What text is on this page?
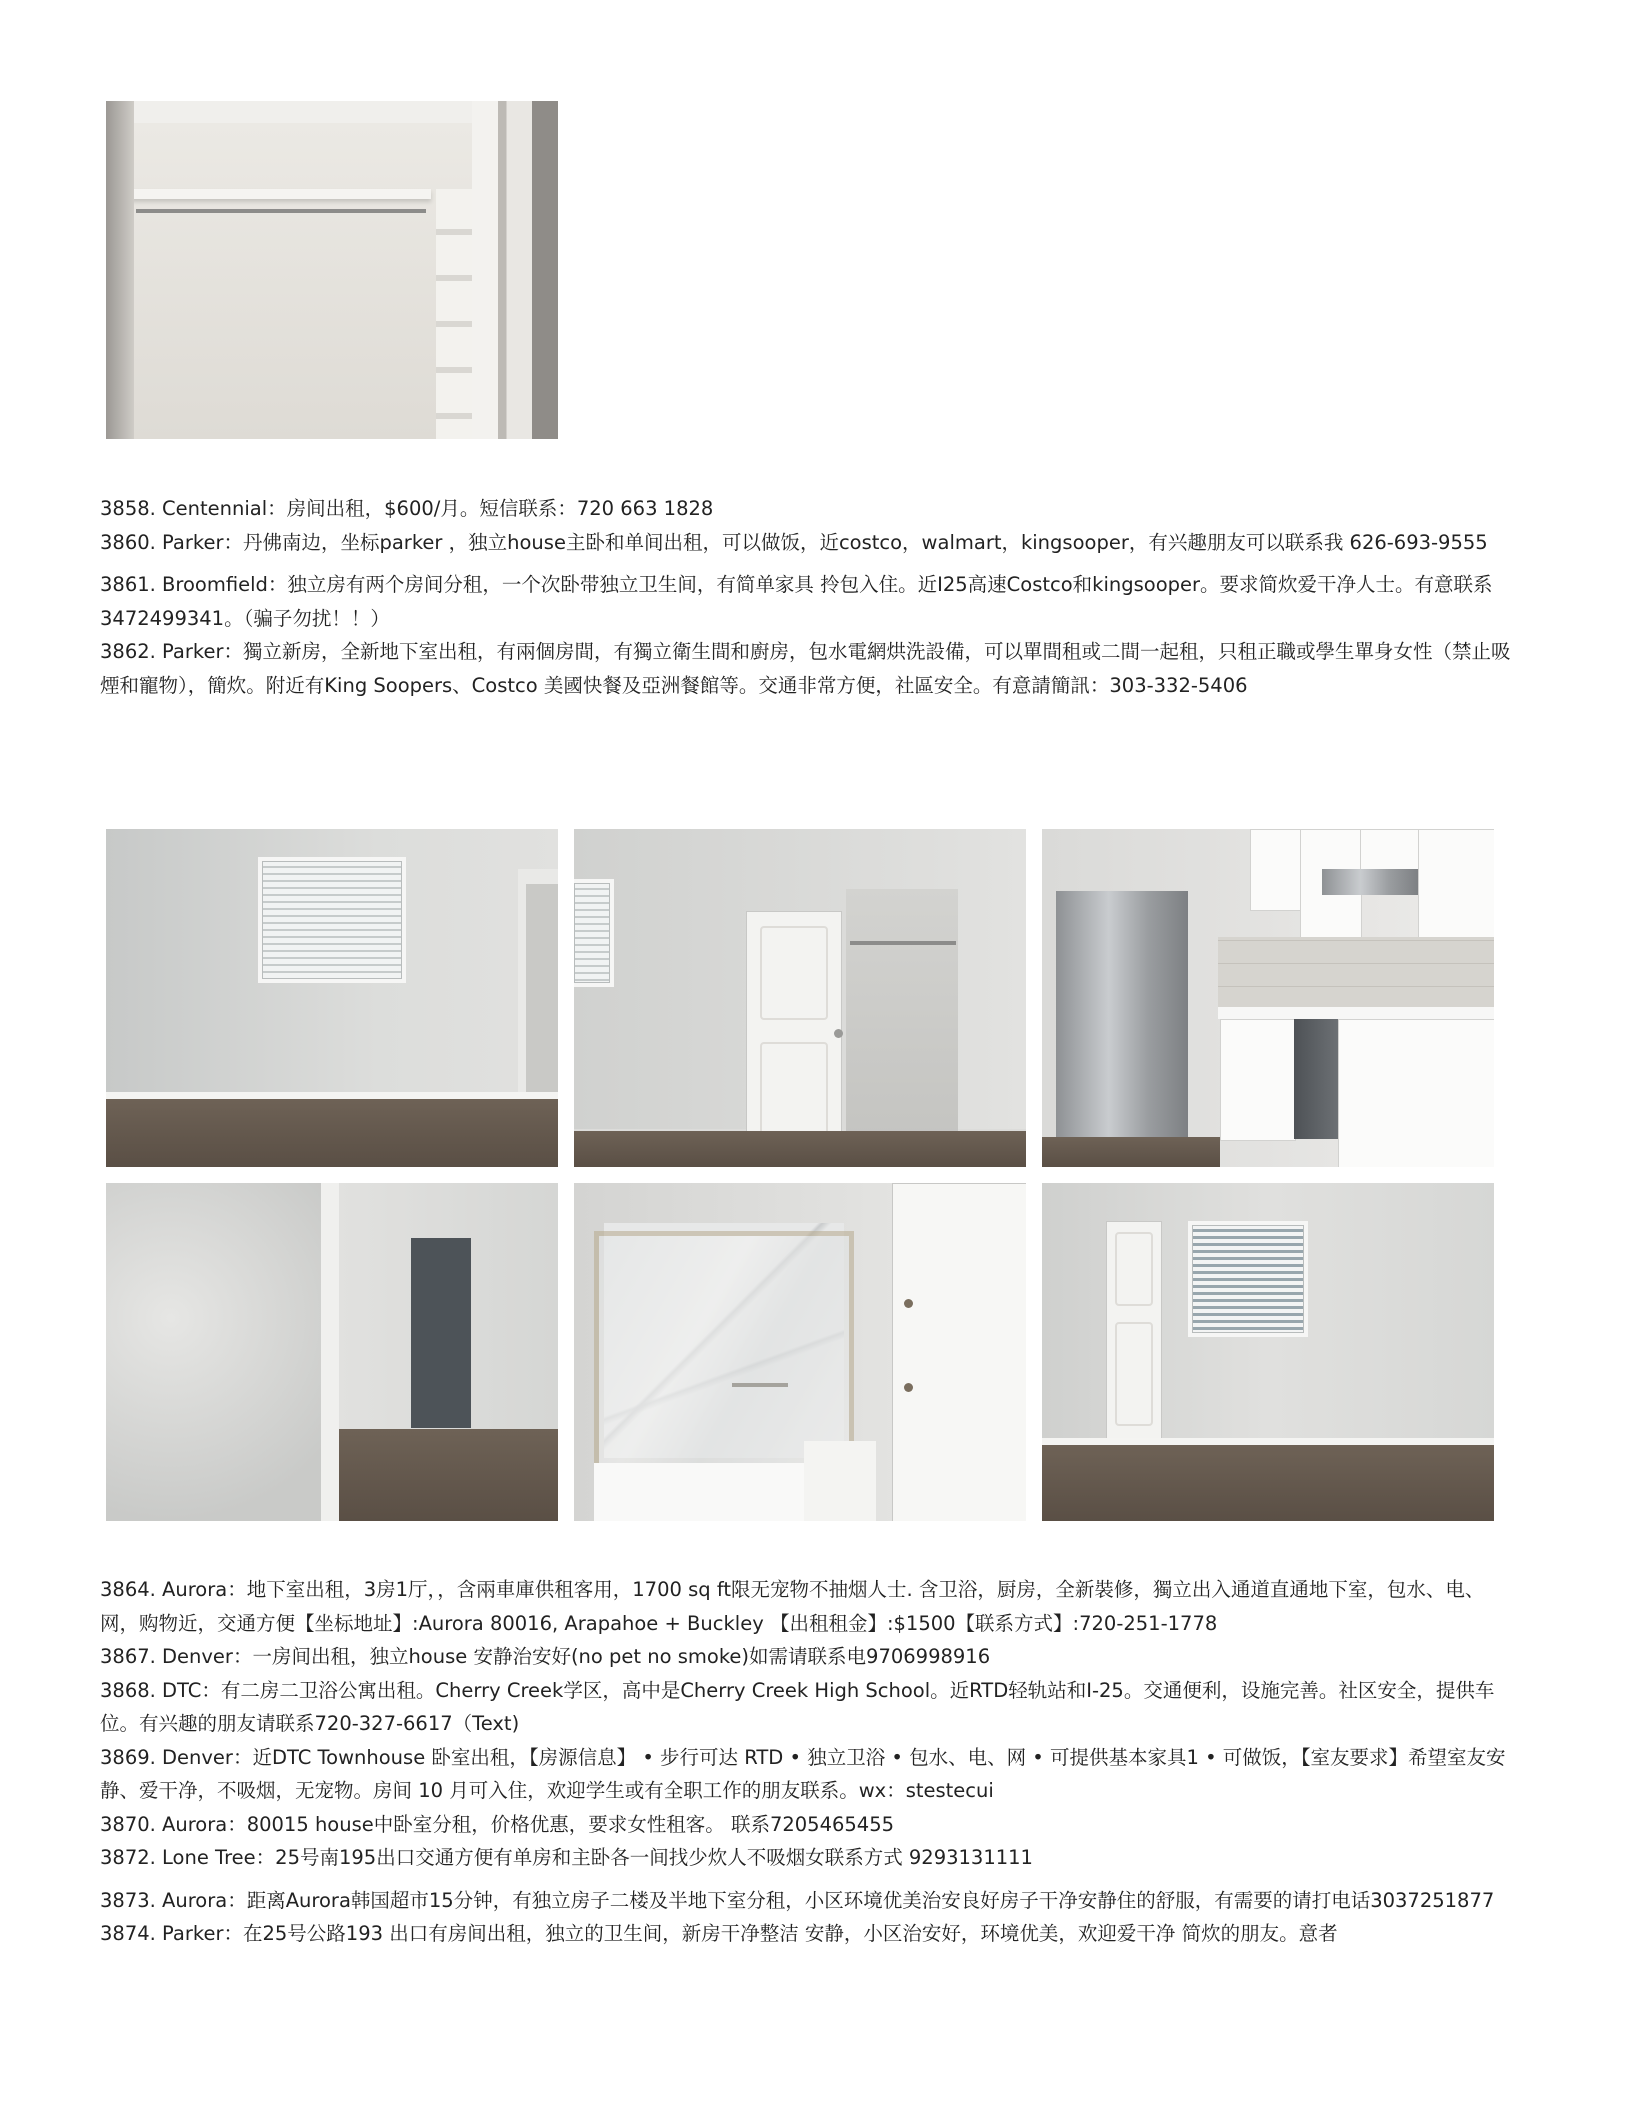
3858. Centennial：房间出租，$600/月。短信联系：720 663 1828

3860. Parker：丹佛南边，坐标parker ，独立house主卧和单间出租，可以做饭，近costco，walmart，kingsooper，有兴趣朋友可以联系我 626-693-9555

3861. Broomfield：独立房有两个房间分租，一个次卧带独立卫生间，有简单家具 拎包入住。近I25高速Costco和kingsooper。要求简炊爱干净人士。有意联系3472499341。（骗子勿扰！！）

3862. Parker：獨立新房，全新地下室出租，有兩個房間，有獨立衛生間和廚房，包水電網烘洗設備，可以單間租或二間一起租，只租正職或學生單身女性（禁止吸煙和寵物），簡炊。附近有King Soopers、Costco 美國快餐及亞洲餐館等。交通非常方便，社區安全。有意請簡訊：303-332-5406

3864. Aurora：地下室出租，3房1厅，，含兩車庫供租客用，1700 sq ft限无宠物不抽烟人士. 含卫浴，厨房，全新裝修，獨立出入通道直通地下室，包水、电、网，购物近，交通方便【坐标地址】:Aurora 80016, Arapahoe + Buckley 【出租租金】:$1500【联系方式】:720-251-1778

3867. Denver：一房间出租，独立house 安静治安好(no pet no smoke)如需请联系电9706998916

3868. DTC：有二房二卫浴公寓出租。Cherry Creek学区，高中是Cherry Creek High School。近RTD轻轨站和I-25。交通便利，设施完善。社区安全，提供车位。有兴趣的朋友请联系720-327-6617（Text)

3869. Denver：近DTC Townhouse 卧室出租，【房源信息】 • 步行可达 RTD • 独立卫浴 • 包水、电、网 • 可提供基本家具1 • 可做饭，【室友要求】希望室友安静、爱干净，不吸烟，无宠物。房间 10 月可入住，欢迎学生或有全职工作的朋友联系。wx：stestecui

3870. Aurora：80015 house中卧室分租，价格优惠，要求女性租客。 联系7205465455

3872. Lone Tree：25号南195出口交通方便有单房和主卧各一间找少炊人不吸烟女联系方式 9293131111

3873. Aurora：距离Aurora韩国超市15分钟，有独立房子二楼及半地下室分租，小区环境优美治安良好房子干净安静住的舒服，有需要的请打电话3037251877

3874. Parker：在25号公路193 出口有房间出租，独立的卫生间，新房干净整洁 安静，小区治安好，环境优美，欢迎爱干净 简炊的朋友。意者
